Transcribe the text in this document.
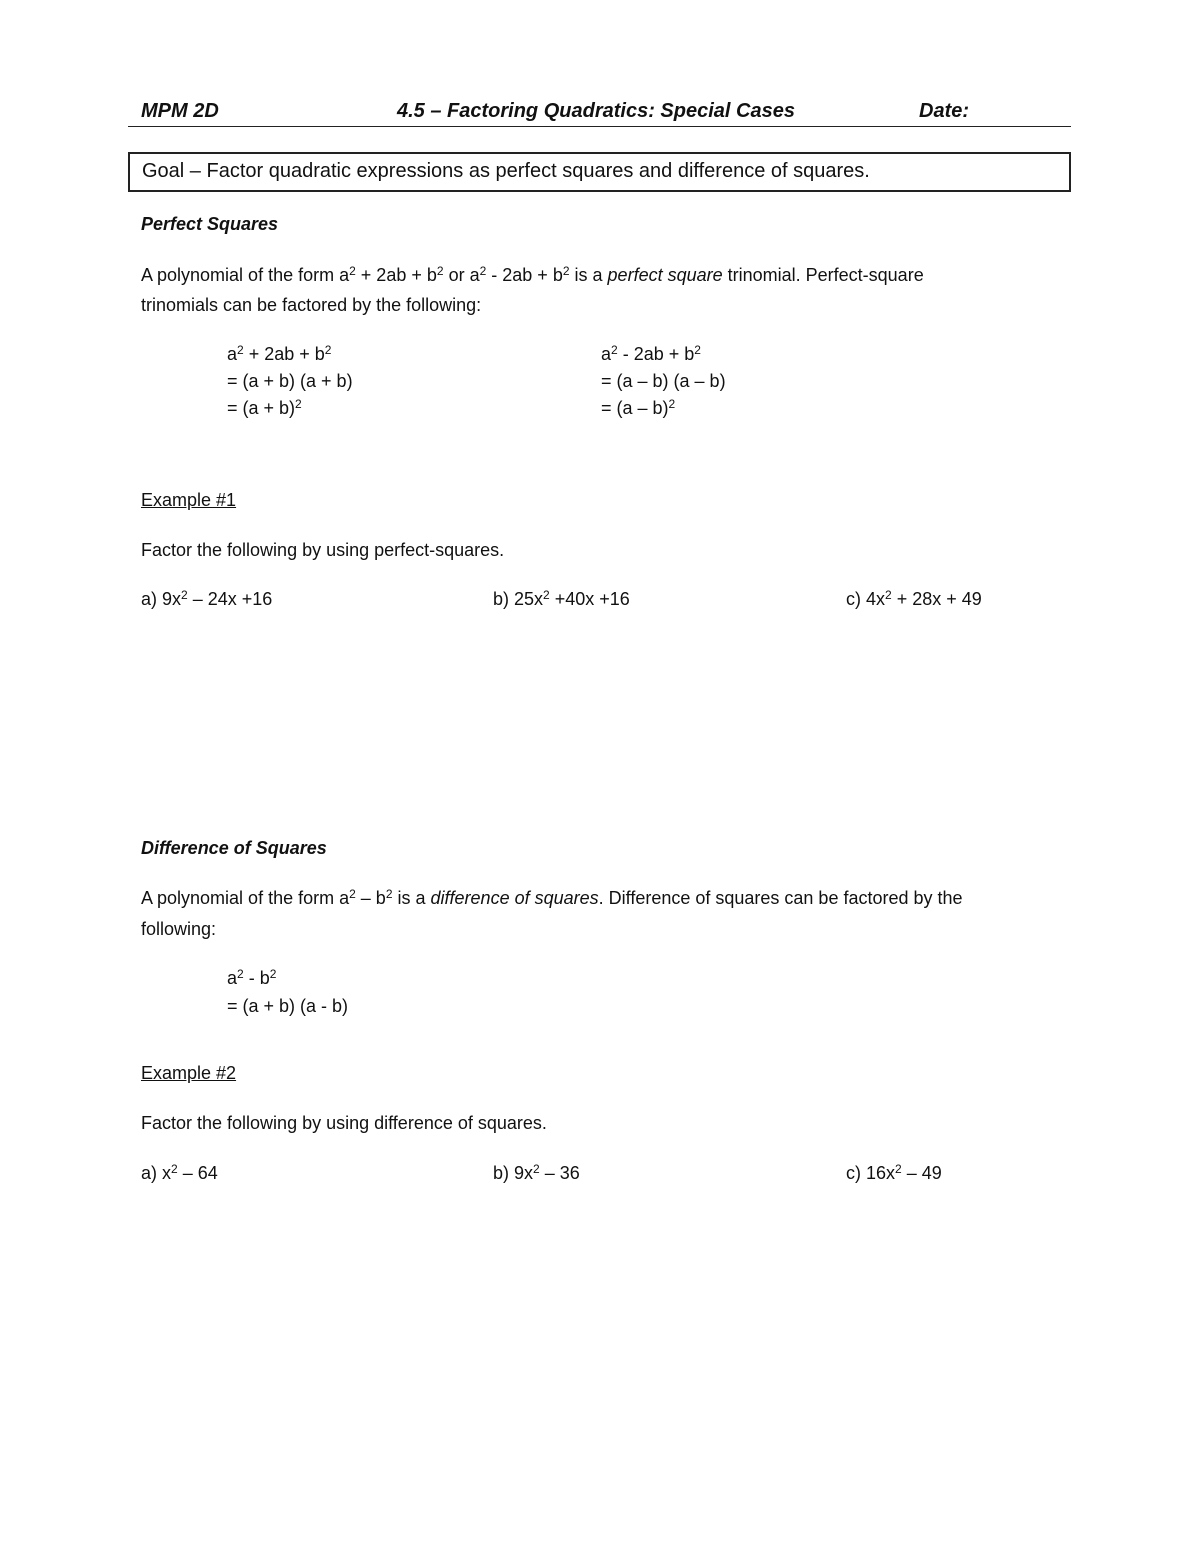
MPM 2D	4.5 – Factoring Quadratics: Special Cases	Date:
Goal – Factor quadratic expressions as perfect squares and difference of squares.
Perfect Squares
A polynomial of the form $a^2 + 2ab + b^2$ or $a^2 - 2ab + b^2$ is a perfect square trinomial. Perfect-square
trinomials can be factored by the following:
$a^2 + 2ab + b^2$
= (a + b) (a + b)
= $(a + b)^2$
$a^2 - 2ab + b^2$
= (a – b) (a – b)
= (a – b)$^2$
Example #1
Factor the following by using perfect-squares.
a) $9x^2 - 24x +16$	b) $25x^2 +40x +16$	c) $4x^2 + 28x + 49$
Difference of Squares
A polynomial of the form $a^2 - b^2$ is a difference of squares. Difference of squares can be factored by the
following:
$a^2 - b^2$
= (a + b) (a - b)
Example #2
Factor the following by using difference of squares.
a) $x^2 - 64$	b) $9x^2 - 36$	c) $16x^2 - 49$
